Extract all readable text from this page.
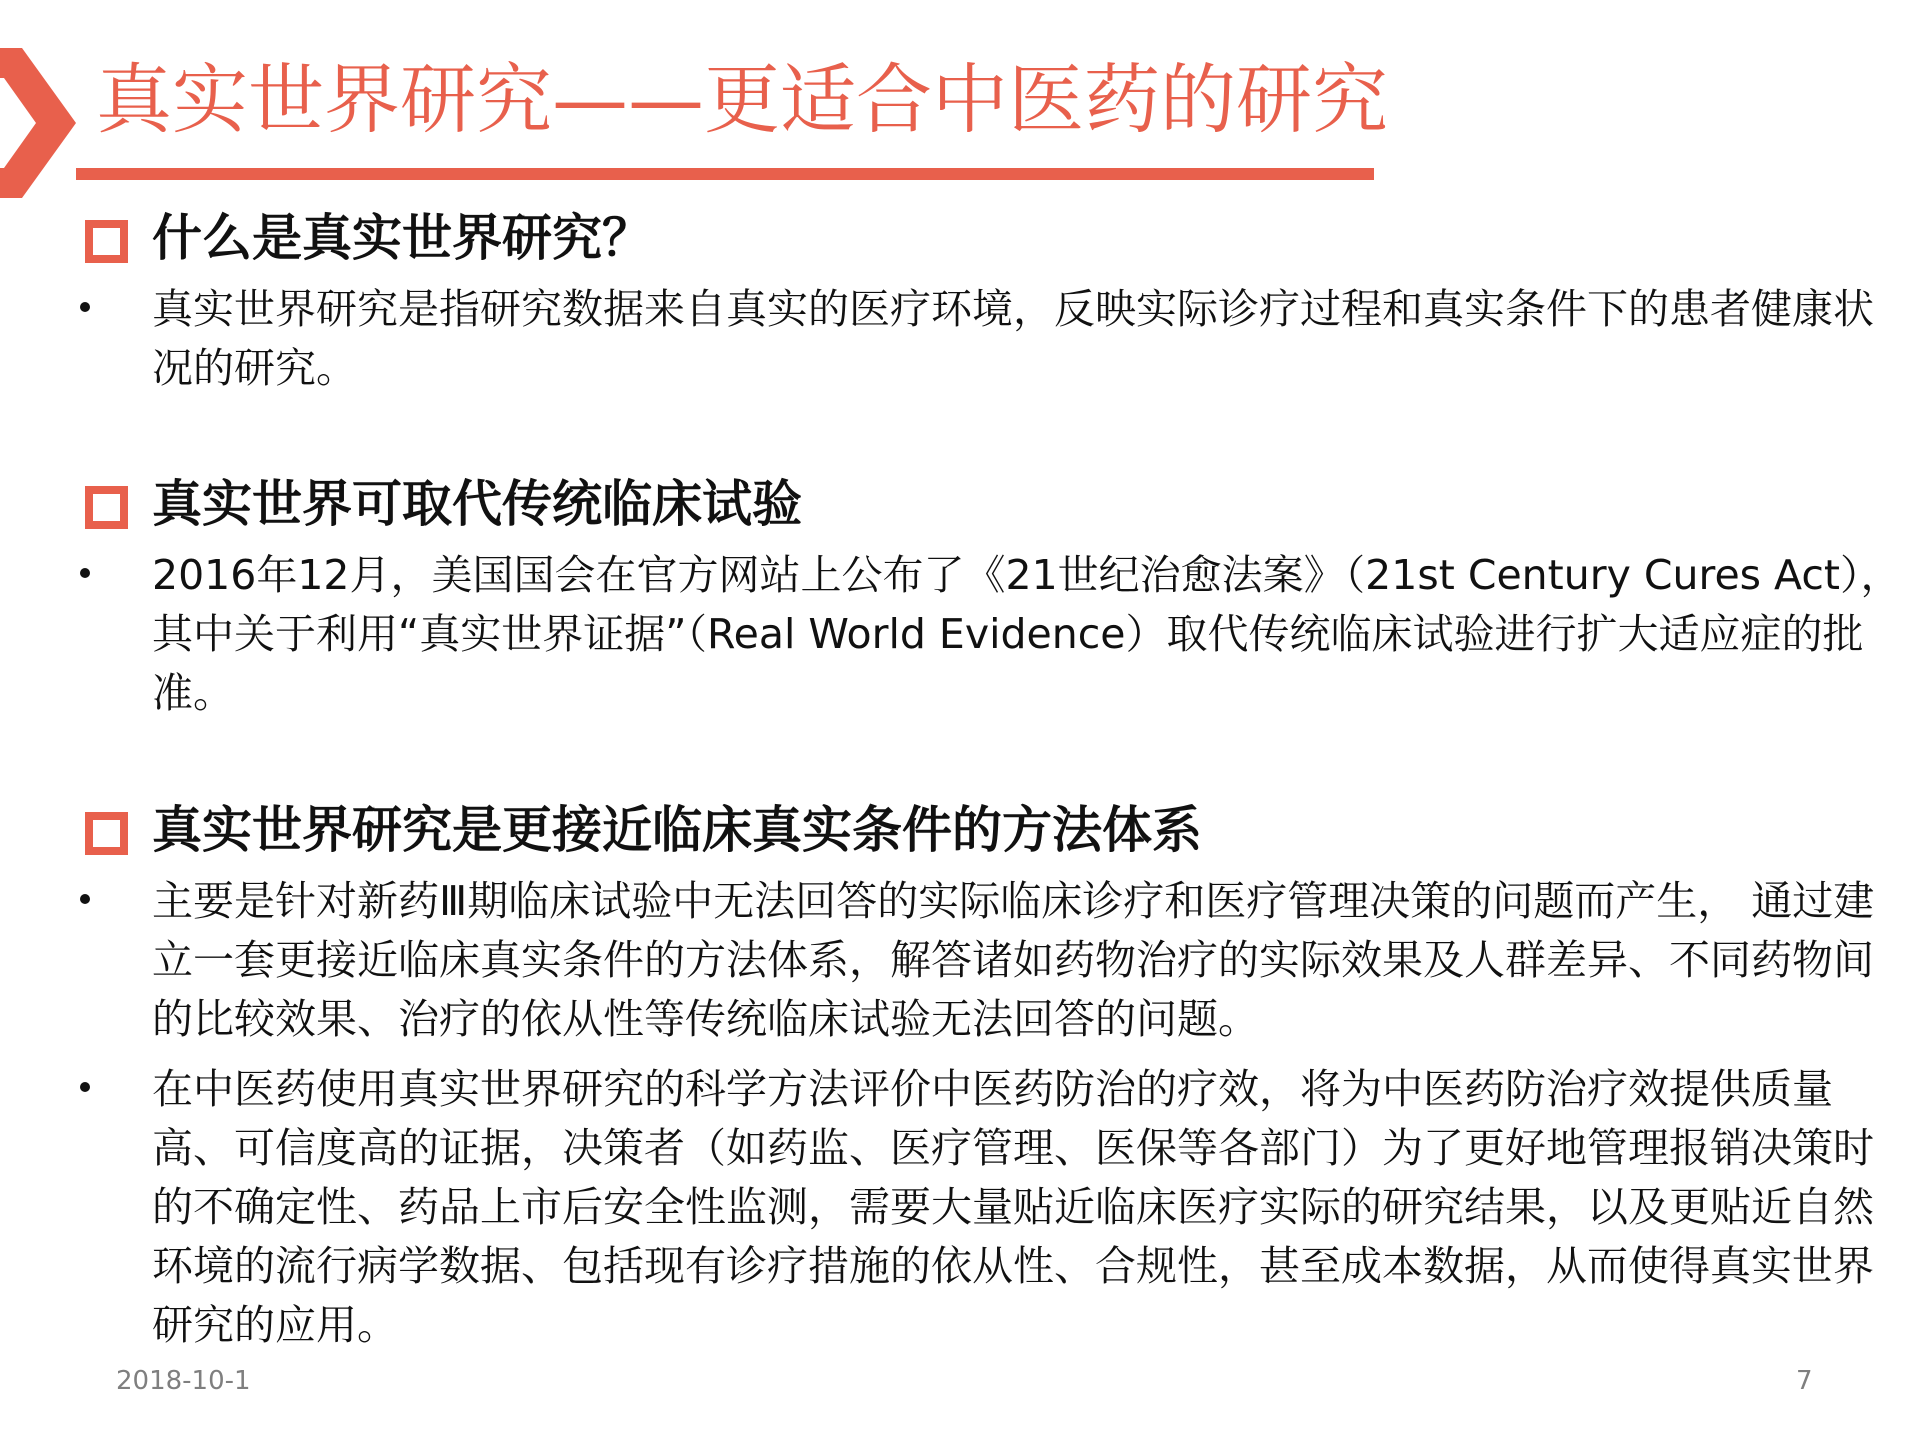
真实世界研究——更适合中医药的研究
什么是真实世界研究？

真实世界研究是指研究数据来自真实的医疗环境，反映实际诊疗过程和真实条件下的患者健康状况的研究。

真实世界可取代传统临床试验

2016年12月，美国国会在官方网站上公布了《21世纪治愈法案》（21st Century Cures Act），其中关于利用“真实世界证据”（Real World Evidence）取代传统临床试验进行扩大适应症的批准。

真实世界研究是更接近临床真实条件的方法体系

主要是针对新药Ⅲ期临床试验中无法回答的实际临床诊疗和医疗管理决策的问题而产生， 通过建立一套更接近临床真实条件的方法体系，解答诸如药物治疗的实际效果及人群差异、不同药物间的比较效果、治疗的依从性等传统临床试验无法回答的问题。

在中医药使用真实世界研究的科学方法评价中医药防治的疗效，将为中医药防治疗效提供质量高、可信度高的证据，决策者（如药监、医疗管理、医保等各部门）为了更好地管理报销决策时的不确定性、药品上市后安全性监测，需要大量贴近临床医疗实际的研究结果，以及更贴近自然环境的流行病学数据、包括现有诊疗措施的依从性、合规性，甚至成本数据，从而使得真实世界研究的应用。

2018-10-1	7
